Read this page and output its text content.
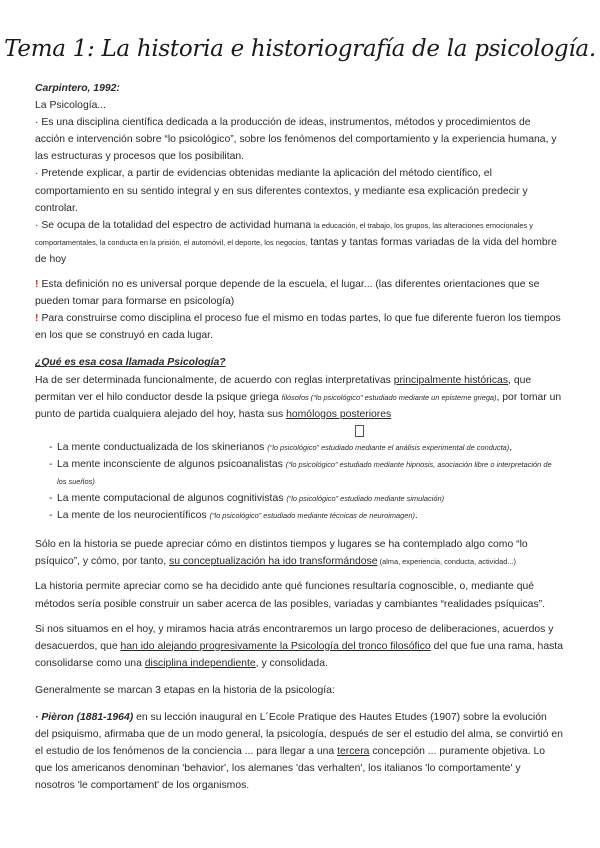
Tema 1: La historia e historiografía de la psicología.

Carpintero, 1992:

La Psicología...

· Es una disciplina científica dedicada a la producción de ideas, instrumentos, métodos y procedimientos de acción e intervención sobre “lo psicológico”, sobre los fenómenos del comportamiento y la experiencia humana, y las estructuras y procesos que los posibilitan.

· Pretende explicar, a partir de evidencias obtenidas mediante la aplicación del método científico, el comportamiento en su sentido integral y en sus diferentes contextos, y mediante esa explicación predecir y controlar.

· Se ocupa de la totalidad del espectro de actividad humana la educación, el trabajo, los grupos, las alteraciones emocionales y comportamentales, la conducta en la prisión, el automóvil, el deporte, los negocios, tantas y tantas formas variadas de la vida del hombre de hoy

! Esta definición no es universal porque depende de la escuela, el lugar... (las diferentes orientaciones que se pueden tomar para formarse en psicología)

! Para construirse como disciplina el proceso fue el mismo en todas partes, lo que fue diferente fueron los tiempos en los que se construyó en cada lugar.

¿Qué es esa cosa llamada Psicología?

Ha de ser determinada funcionalmente, de acuerdo con reglas interpretativas principalmente históricas, que permitan ver el hilo conductor desde la psique griega filósofos (“lo psicológico” estudiado mediante un episteme griega), por tomar un punto de partida cualquiera alejado del hoy, hasta sus homólogos posteriores

- La mente conductualizada de los skinerianos (“lo psicológico” estudiado mediante el análisis experimental de conducta),
- La mente inconsciente de algunos psicoanalistas (“lo psicológico” estudiado mediante hipnosis, asociación libre o interpretación de los sueños)
- La mente computacional de algunos cognitivistas (“lo psicológico” estudiado mediante simulación)
- La mente de los neurocientíficos (“lo psicológico” estudiado mediante técnicas de neuroimagen).

Sólo en la historia se puede apreciar cómo en distintos tiempos y lugares se ha contemplado algo como “lo psíquico”, y cómo, por tanto, su conceptualización ha ido transformándose (alma, experiencia, conducta, actividad...)

La historia permite apreciar como se ha decidido ante qué funciones resultaría cognoscible, o, mediante qué métodos sería posible construir un saber acerca de las posibles, variadas y cambiantes “realidades psíquicas”.

Si nos situamos en el hoy, y miramos hacia atrás encontraremos un largo proceso de deliberaciones, acuerdos y desacuerdos, que han ido alejando progresivamente la Psicología del tronco filosófico del que fue una rama, hasta consolidarse como una disciplina independiente, y consolidada.

Generalmente se marcan 3 etapas en la historia de la psicología:

· Pièron (1881-1964) en su lección inaugural en L´Ecole Pratique des Hautes Etudes (1907) sobre la evolución del psiquismo, afirmaba que de un modo general, la psicología, después de ser el estudio del alma, se convirtió en el estudio de los fenómenos de la conciencia ... para llegar a una tercera concepción ... puramente objetiva. Lo que los americanos denominan 'behavior', los alemanes 'das verhalten', los italianos 'lo comportamente' y nosotros 'le comportament' de los organismos.
